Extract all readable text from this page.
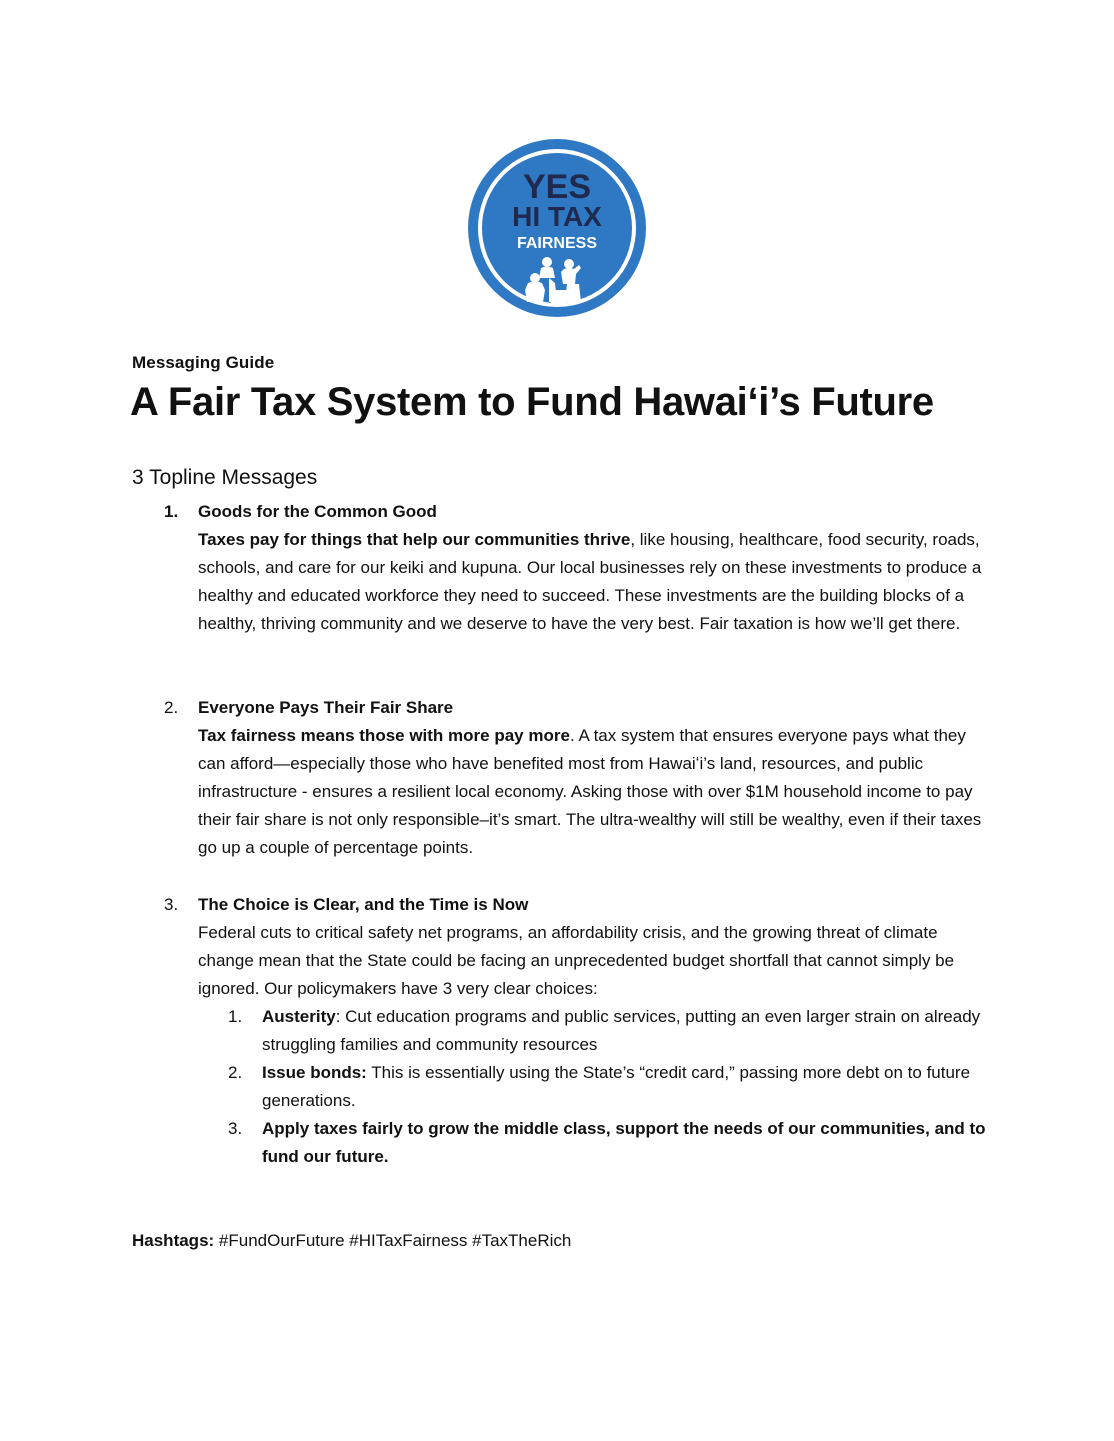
YES
HI TAX
FAIRNESS
Messaging Guide
A Fair Tax System to Fund Hawaiʻi’s Future
3 Topline Messages
1. Goods for the Common Good

Taxes pay for things that help our communities thrive, like housing, healthcare, food security, roads, schools, and care for our keiki and kupuna. Our local businesses rely on these investments to produce a healthy and educated workforce they need to succeed. These investments are the building blocks of a healthy, thriving community and we deserve to have the very best. Fair taxation is how we’ll get there.

2. Everyone Pays Their Fair Share

Tax fairness means those with more pay more. A tax system that ensures everyone pays what they can afford—especially those who have benefited most from Hawaiʻi’s land, resources, and public infrastructure - ensures a resilient local economy. Asking those with over $1M household income to pay their fair share is not only responsible–it’s smart. The ultra-wealthy will still be wealthy, even if their taxes go up a couple of percentage points.

3. The Choice is Clear, and the Time is Now

Federal cuts to critical safety net programs, an affordability crisis, and the growing threat of climate change mean that the State could be facing an unprecedented budget shortfall that cannot simply be ignored. Our policymakers have 3 very clear choices:

1. Austerity: Cut education programs and public services, putting an even larger strain on already struggling families and community resources
2. Issue bonds: This is essentially using the State’s “credit card,” passing more debt on to future generations.
3. Apply taxes fairly to grow the middle class, support the needs of our communities, and to fund our future.
Hashtags: #FundOurFuture #HITaxFairness #TaxTheRich
